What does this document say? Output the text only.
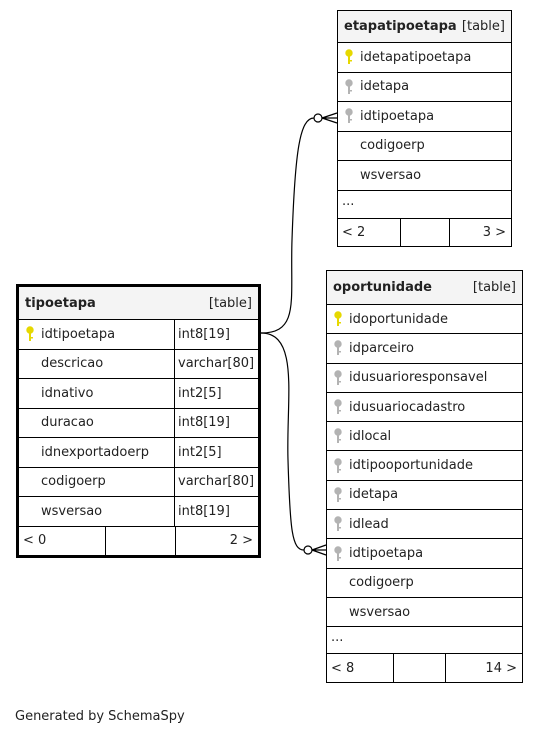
etapatipoetapa [table]
idetapatipoetapa
idetapa
idtipoetapa
codigoerp
wsversao
...
< 2	3 >
tipoetapa	[table]
idtipoetapa	int8[19]
descricao	varchar[80]
idnativo	int2[5]
duracao	int8[19]
idnexportadoerp	int2[5]
codigoerp	varchar[80]
wsversao	int8[19]
< 0	2 >
oportunidade	[table]
idoportunidade
idparceiro
idusuarioresponsavel
idusuariocadastro
idlocal
idtipooportunidade
idetapa
idlead
idtipoetapa
codigoerp
wsversao
...
< 8	14 >
Generated by SchemaSpy
